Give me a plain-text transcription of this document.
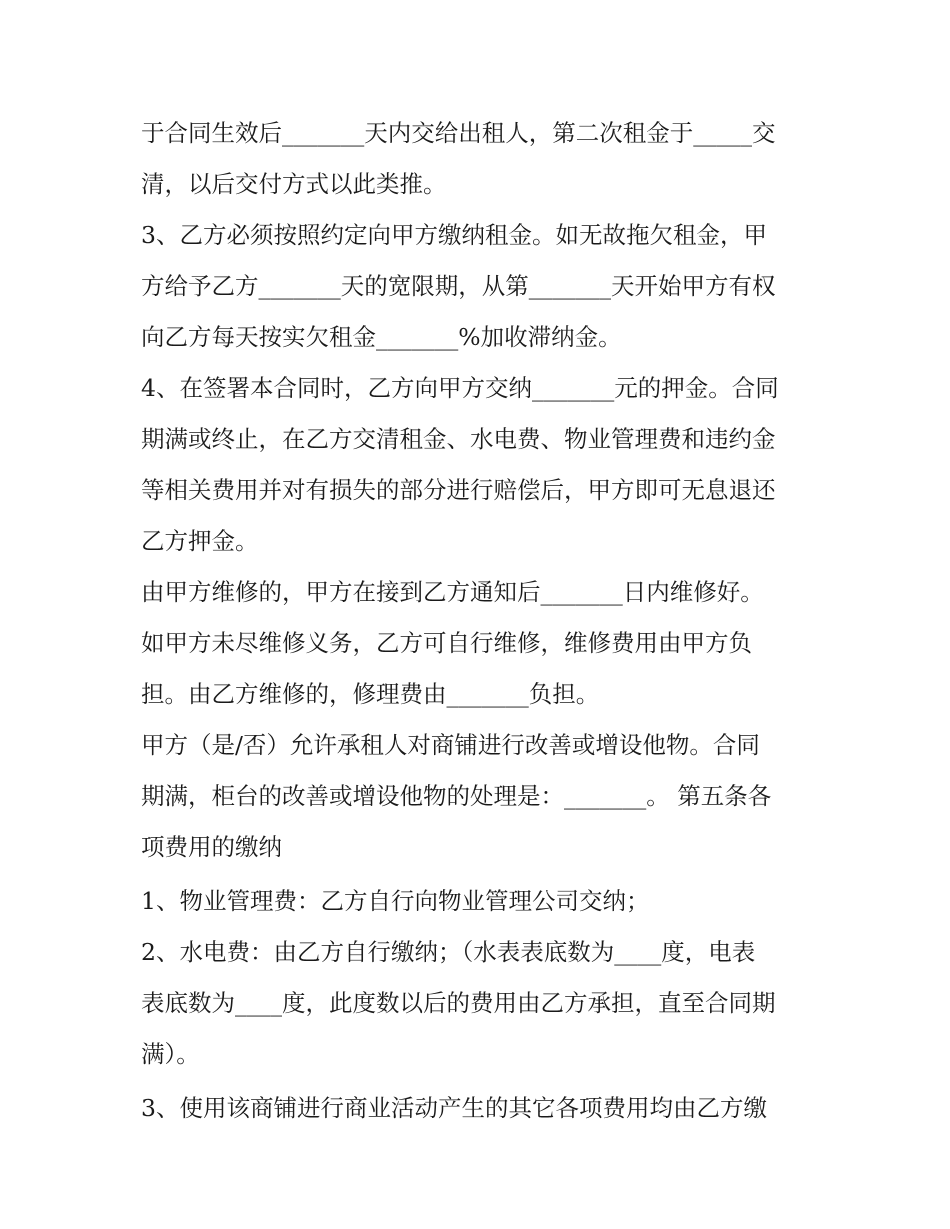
于合同生效后_______天内交给出租人，第二次租金于_____交
清，以后交付方式以此类推。
3、乙方必须按照约定向甲方缴纳租金。如无故拖欠租金，甲
方给予乙方_______天的宽限期，从第_______天开始甲方有权
向乙方每天按实欠租金_______%加收滞纳金。
4、在签署本合同时，乙方向甲方交纳_______元的押金。合同
期满或终止，在乙方交清租金、水电费、物业管理费和违约金
等相关费用并对有损失的部分进行赔偿后，甲方即可无息退还
乙方押金。
由甲方维修的，甲方在接到乙方通知后_______日内维修好。
如甲方未尽维修义务，乙方可自行维修，维修费用由甲方负
担。由乙方维修的，修理费由_______负担。
甲方（是/否）允许承租人对商铺进行改善或增设他物。合同
期满，柜台的改善或增设他物的处理是：_______。 第五条各
项费用的缴纳
1、物业管理费：乙方自行向物业管理公司交纳；
2、水电费：由乙方自行缴纳；（水表表底数为____度，电表
表底数为____度，此度数以后的费用由乙方承担，直至合同期
满）。
3、使用该商铺进行商业活动产生的其它各项费用均由乙方缴
